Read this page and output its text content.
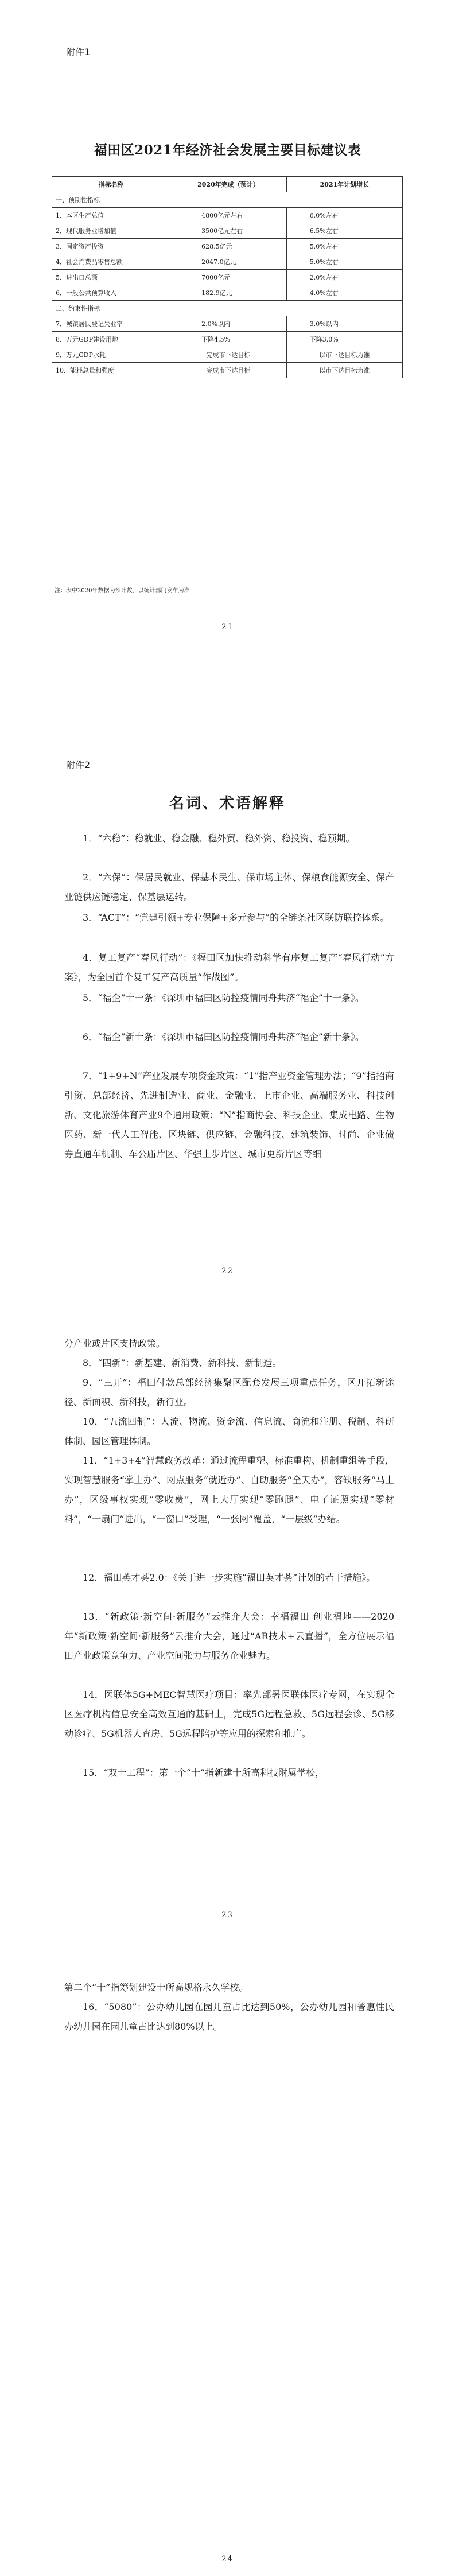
附件1
福田区2021年经济社会发展主要目标建议表
指标名称	2020年完成（预计）	2021年计划增长
一、预期性指标		
1．本区生产总值	4800亿元左右	6.0%左右
2．现代服务业增加值	3500亿元左右	6.5%左右
3．固定资产投资	628.5亿元	5.0%左右
4．社会消费品零售总额	2047.0亿元	5.0%左右
5．进出口总额	7000亿元	2.0%左右
6．一般公共预算收入	182.9亿元	4.0%左右
二、约束性指标		
7．城镇居民登记失业率	2.0%以内	3.0%以内
8．万元GDP建设用地	下降4.5%	下降3.0%
9．万元GDP水耗	完成市下达目标	以市下达目标为准
10．能耗总量和强度	完成市下达目标	以市下达目标为准
注：表中2020年数据为预计数，以统计部门发布为准
— 21 —
附件2
名词、术语解释

1．“六稳”：稳就业、稳金融、稳外贸、稳外资、稳投资、稳预期。

2．“六保”：保居民就业、保基本民生、保市场主体、保粮食能源安全、保产业链供应链稳定、保基层运转。

3．“ACT”：“党建引领+专业保障+多元参与”的全链条社区联防联控体系。

4．复工复产“春风行动”：《福田区加快推动科学有序复工复产“春风行动”方案》，为全国首个复工复产高质量“作战图”。

5．“福企”十一条：《深圳市福田区防控疫情同舟共济“福企”十一条》。

6．“福企”新十条：《深圳市福田区防控疫情同舟共济“福企”新十条》。

7．“1+9+N”产业发展专项资金政策：“1”指产业资金管理办法；“9”指招商引资、总部经济、先进制造业、商业、金融业、上市企业、高端服务业、科技创新、文化旅游体育产业9个通用政策；“N”指商协会、科技企业、集成电路、生物医药、新一代人工智能、区块链、供应链、金融科技、建筑装饰、时尚、企业债券直通车机制、车公庙片区、华强上步片区、城市更新片区等细

— 22 —

分产业或片区支持政策。

8．“四新”：新基建、新消费、新科技、新制造。

9．“三开”：福田付款总部经济集聚区配套发展三项重点任务，区开拓新途径、新面积、新科技，新行业。

10．“五流四制”：人流、物流、资金流、信息流、商流和注册、税制、科研体制、园区管理体制。

11．“1+3+4”智慧政务改革：通过流程重塑、标准重构、机制重组等手段，实现智慧服务“掌上办”、网点服务“就近办”、自助服务“全天办”，容缺服务“马上办”，区级事权实现“零收费”，网上大厅实现“零跑腿”、电子证照实现“零材料”，“一扇门”进出，“一窗口”受理，“一张网”覆盖，“一层级”办结。

12．福田英才荟2.0：《关于进一步实施“福田英才荟”计划的若干措施》。

13．“新政策·新空间·新服务”云推介大会：幸福福田 创业福地——2020年“新政策·新空间·新服务”云推介大会，通过“AR技术+云直播”，全方位展示福田产业政策竞争力、产业空间张力与服务企业魅力。

14．医联体5G+MEC智慧医疗项目：率先部署医联体医疗专网，在实现全区医疗机构信息安全高效互通的基础上，完成5G远程急救、5G远程会诊、5G移动诊疗、5G机器人查房、5G远程陪护等应用的探索和推广。

15．“双十工程”：第一个“十”指新建十所高科技附属学校，

— 23 —

第二个“十”指筹划建设十所高规格永久学校。

16．“5080”：公办幼儿园在园儿童占比达到50%，公办幼儿园和普惠性民办幼儿园在园儿童占比达到80%以上。

— 24 —
